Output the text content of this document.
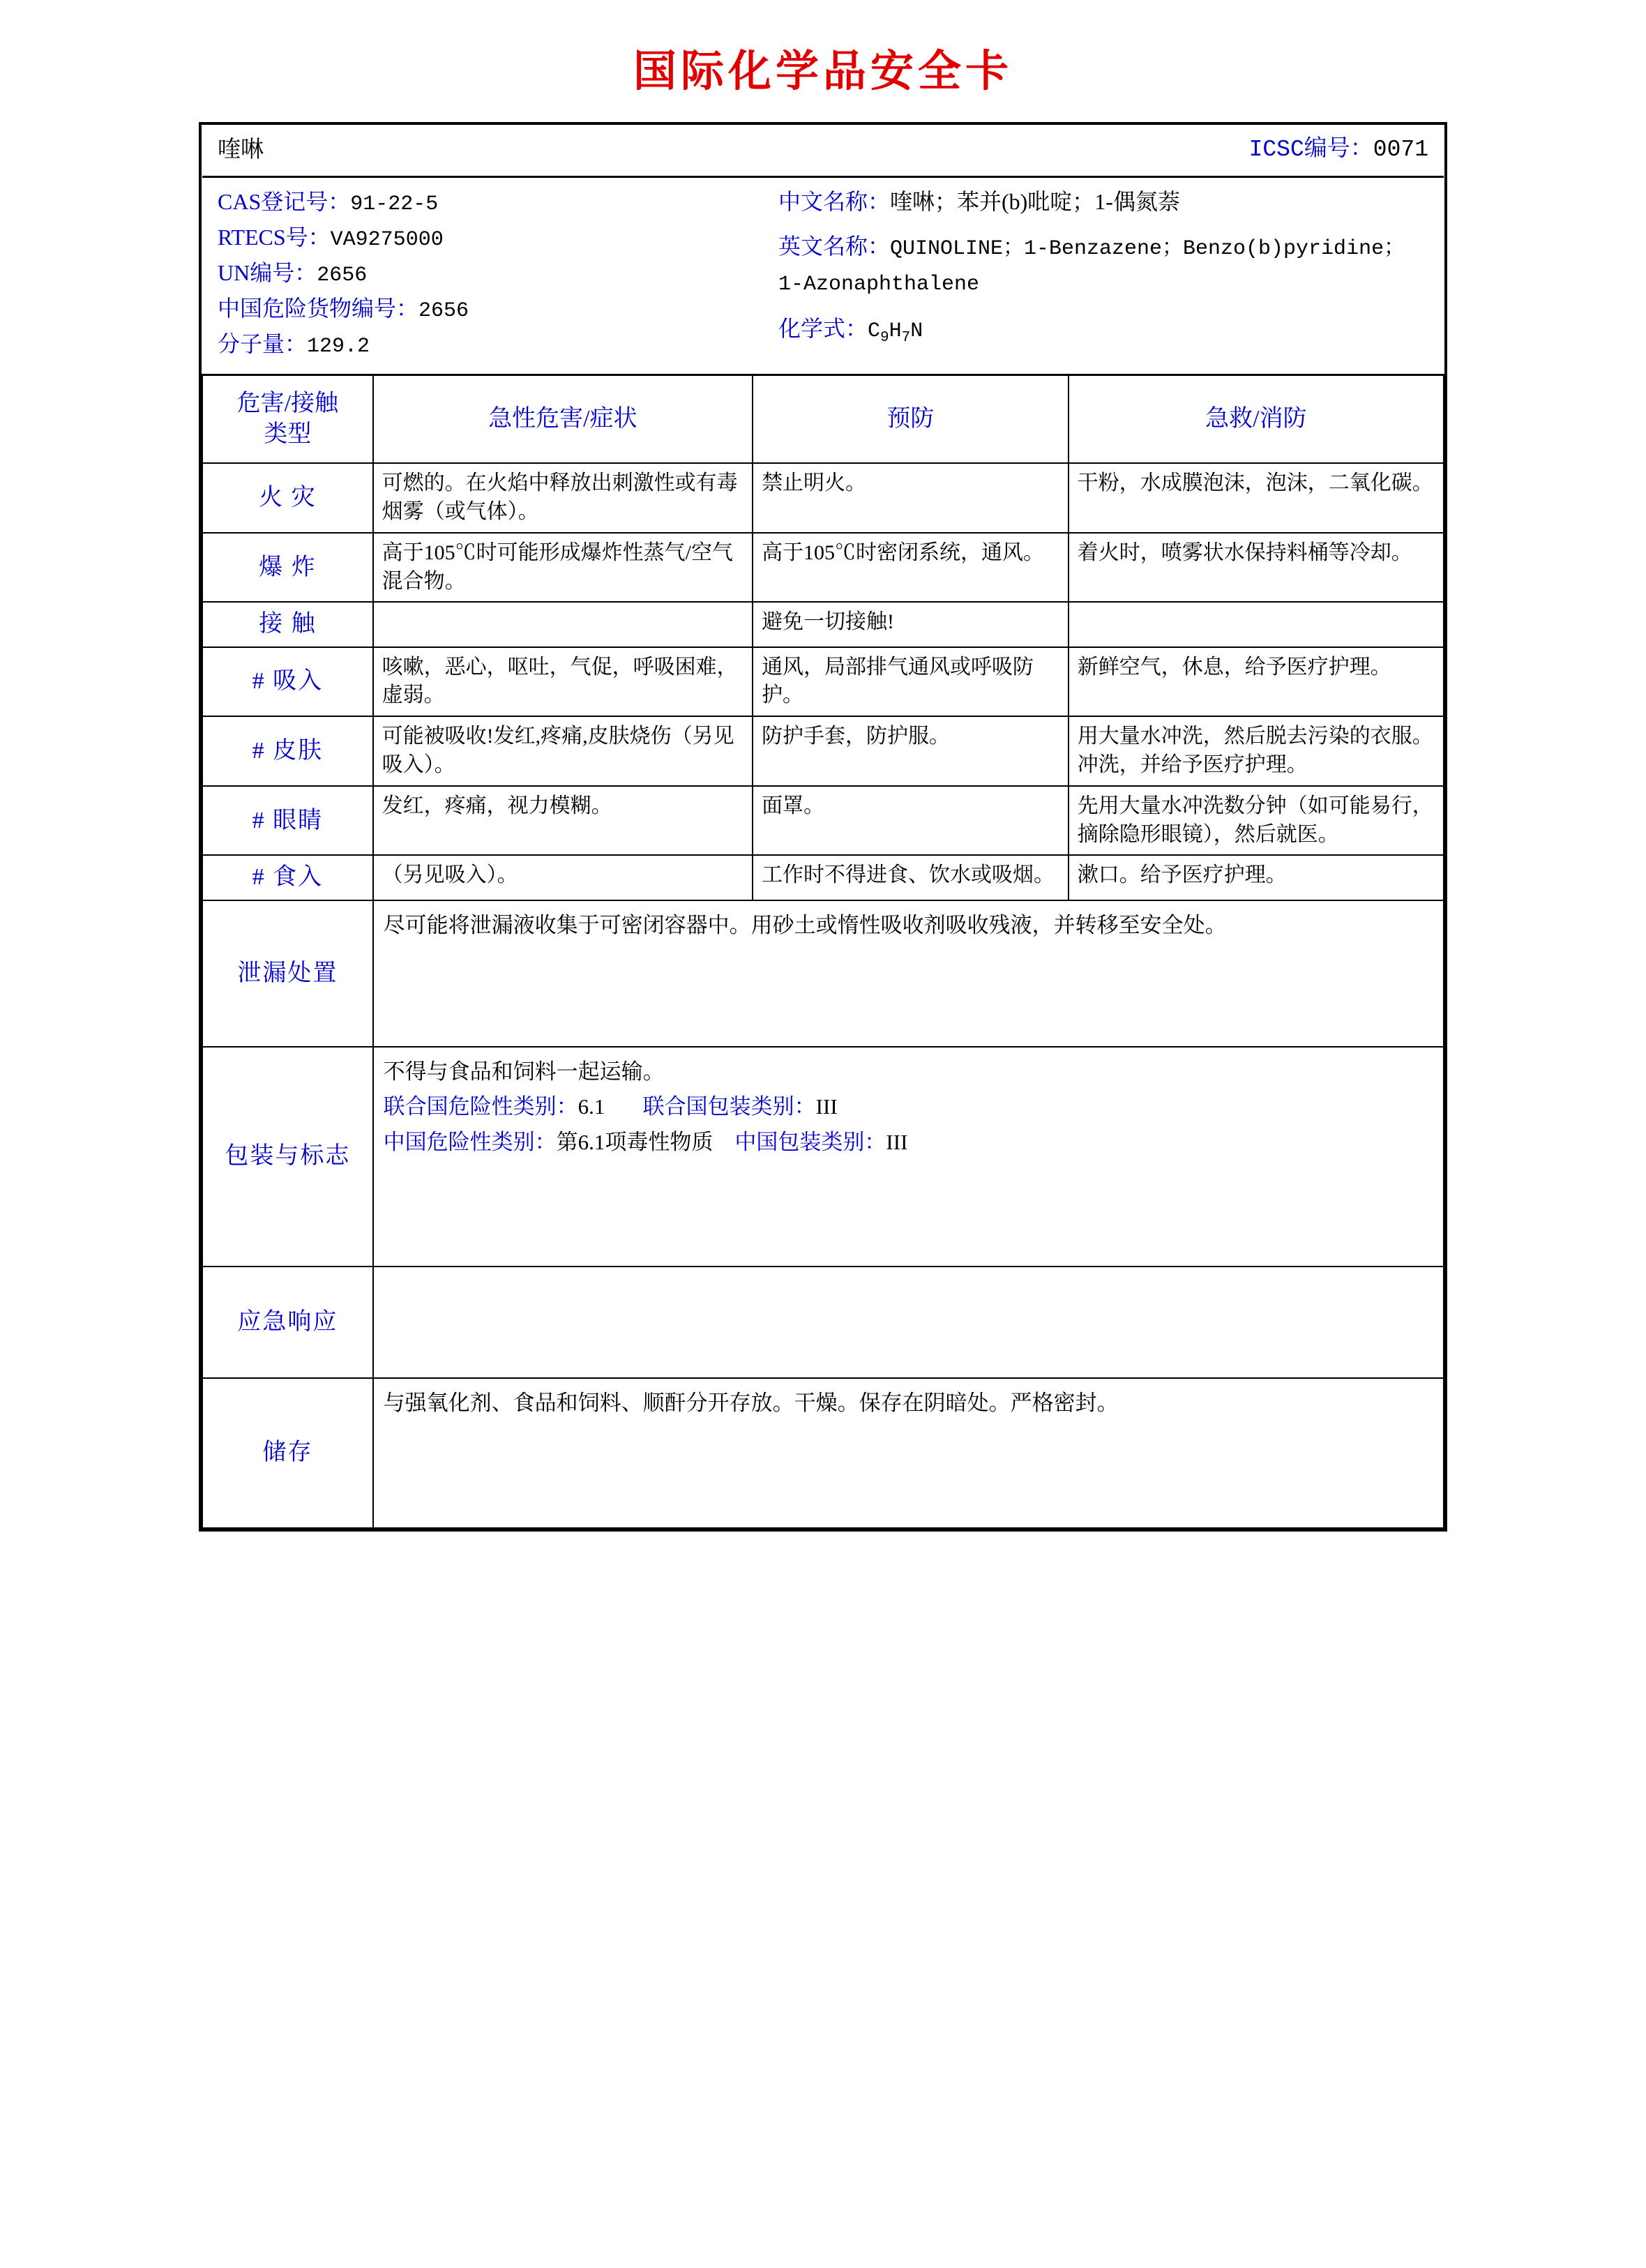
国际化学品安全卡
喹啉		ICSC编号：0071	

CAS登记号：91-22-5
RTECS号：VA9275000
UN编号：2656
中国危险货物编号：2656
分子量：129.2
中文名称：喹啉；苯并(b)吡啶；1-偶氮萘
英文名称：QUINOLINE；1-Benzazene；Benzo(b)pyridine；1-Azonaphthalene
化学式：$C_9H_7N$

危害/接触
类型	急性危害/症状	预防	急救/消防
火 灾	可燃的。在火焰中释放出刺激性或有毒烟雾（或气体）。	禁止明火。	干粉，水成膜泡沫，泡沫，二氧化碳。
爆 炸	高于105℃时可能形成爆炸性蒸气/空气混合物。	高于105℃时密闭系统，通风。	着火时，喷雾状水保持料桶等冷却。
接 触		避免一切接触!	
# 吸入	咳嗽，恶心，呕吐，气促，呼吸困难，虚弱。	通风，局部排气通风或呼吸防护。	新鲜空气，休息，给予医疗护理。
# 皮肤	可能被吸收!发红,疼痛,皮肤烧伤（另见吸入）。	防护手套，防护服。	用大量水冲洗，然后脱去污染的衣服。冲洗，并给予医疗护理。
# 眼睛	发红，疼痛，视力模糊。	面罩。	先用大量水冲洗数分钟（如可能易行，摘除隐形眼镜），然后就医。
# 食入	（另见吸入）。	工作时不得进食、饮水或吸烟。	漱口。给予医疗护理。
泄漏处置	尽可能将泄漏液收集于可密闭容器中。用砂土或惰性吸收剂吸收残液，并转移至安全处。		
包装与标志	不得与食品和饲料一起运输。
联合国危险性类别：6.1 联合国包装类别：III
中国危险性类别：第6.1项毒性物质 中国包装类别：III		

应急响应			
储存	与强氧化剂、食品和饲料、顺酐分开存放。干燥。保存在阴暗处。严格密封。		
